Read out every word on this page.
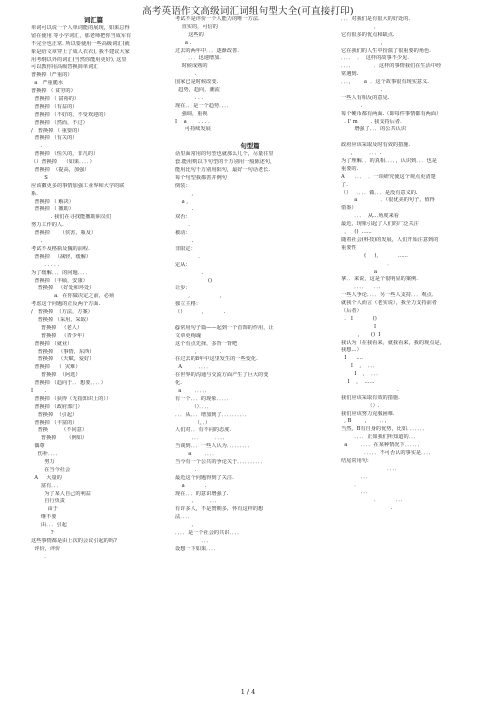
高考英语作文高级词汇词组句型大全(可直接打印)
词汇篇
单词可以说一个人单词能的展现，如果总得
留在使用 等小学词汇，那老师把你当成军有
不完全也正常. 所以要使用一些高级词汇(就
象是给文章穿上了成人衣衣), 我不建议大家
用考纲以外的词汇(当然你能用更好), 这里
可以教你用高级替换简单词汇
普换掉（严重的）
a   严重脆水
普换掉 （ 贫穷的）
普换掉 （ 富裕的）
普换掉 （有益的）
普换掉 （不好的，不受欢迎的）
普换掉 （然而，不过）
/   普换掉 （ 重要的）
普换掉 （有关的）
.
普换掉 （恒久的，非凡的）
（）普换掉    （如果．．．．）
普换掉  （提高，加强）
S
应该徽更多的事情加强工业界和大学的联
系.
普换掉 （ 解决）
普换掉 （ 撤助）
. 我们在寻找能撤助职员们
努力工作的人.
普换掉      （侯害，瓶及）
.
考试不及格瓶及魏的前程.
普换掉   （减轻，缓解）
. . . . .
为了缓解．．．的问题．．．．
普换掉 （丰硕，安康）
普换掉   （好处和坏处）
a．在你做决定之前，必须
考虑这个问题的正反两个方面.
/   普换掉  （方法，方案）
普换掉 （采用，采取）
普换掉   （老人）
普换掉   （青少年）
普换掉 （就业）
普换掉   （事情，东西）
普换掉   （天赋，爱好）
普换掉    （  灾难）
普换掉  （阿选）
普换掉 （趋向于．．想要．．．．）
I       .
普换掉 （获得（无指知识上的））
普换掉 （政府部门）
普换掉  （引起）
普换掉 （丰富的）
普换        （不同意）
普换掉      （例如）
偶尊
伤补．．．．
努力
在当今社会
A     大量的
富有．．．
为了某人自己的利益
自行负责
由于
继不要
由．．．引起
?
这些事情都是由上次的会议引起的吗?
评价，评价
.
考试不是评价一个人能力的唯一方法.
直实的，可信的
这些的
a .
过去的两年中．．．逐渐改善.
．．．迅速增加.
时候成熟的
.
国家已是时候改变.
趋势，趋向，潮流
. . .
现在．．是一个趋势．．．．
强调，重视
I    a       . . . .
可持续发展
句型篇
话里面常用的句型也就那么几个，尽量往里
套.能用则以下句型的千万别用一般陈述句，
能用比句千万别用阳句，最好一句话老长.
每个句型我都善并例句
倒装：
,
a ,
.
双否：
.
被动：
.
非限定：
.
定从：
.
()
让步：
,                  ,
独立主格：
（）          ，          .
@常用句子篇——起到一个首饰的作用，让
文章更绚魂
这个有点先择，多背一背吧
,              .
在过去的8年中这里发生的一些变化.
A          ．．．．
在世界的沟通与交流方面产生了巨大的变
化.
a        ．．．．．
有一个．．．的现象．．．．．
（）．．．．
．．．从．．．增加到了．．．．．．．．．．
（，．）
人们对．．有不同的态度.
．．．        ．．．．
当谈到．．．一些人认为．．．．．．．．．
a        ．．．．
当今有一个公共的争论关于．．．．．．．．．．
.
最近这个问题得到了关注.
a            .
现在．．．的意识增强了.
,          ．．．
有许多人，不是赞朝多，怀有这样的想
法．．．．
,
．．．．是一个社会的共识．．．．
．．．
设想一下如果．．．．
．．．对我们是有很大的好处的.
,
它有很多的优点和缺点.
,
它在我们的人生中扮演了很重要的角色.
．．．．  ．  这样的故事不少见.
．．．．            ．这样的事情我们在生活中经
常遇到.
．．．，      a  ．这个故事很有现实意义.
.
一些人有相反的意见.
.
每个硬币都有两面.（即每件事情都有两面）
. I' m        . 我支持后者.
增强了．．．的公共认识
政府应该采取及时有效的措施.
，        ．．．.
为了理解．．的真相．．．．，认识到．．．也是
重要的.
A      ．．．  ．一项研究使这个观点更清楚
了.
（）   ．．．．做．．．是没有意义的.
a              ．（很优美的句子，值得
借鉴）
．．．  从…角度来看
最近，现象引起了人们的广泛关注
，   ()  ......
随着社会(科技)的发展，人们开始注意到的
重要性
(     )，          ......
．
a
拿．．来说，这是个很明显的案例.
．．．．    ．．．
一些人争论．．．．另一些人支持．．．观点．
就我个人而言（老实说），我全力支持前者
（后者）
.   I            ()
I
，     ()  I
我认为（在我看来，就我看来，我的观点是，
我想…）
I      ....
I    ,    ．．．
I    ,    ．．．
I    ,    ......
.
我们应该采取有效的措施.
（）.
我们应该努力克服困难.
, B        ,        ．．，
当然，B有自身的优势，比如．．．．．．．
．．．．正如我们所知道的．．．
a        ．．．．在某种情况下．．．．．．
．．．．．不可否认的事实是．．．．
结尾常用句:
．．．．
．．．
．
．．．
．          ．．．
.
1 / 4
